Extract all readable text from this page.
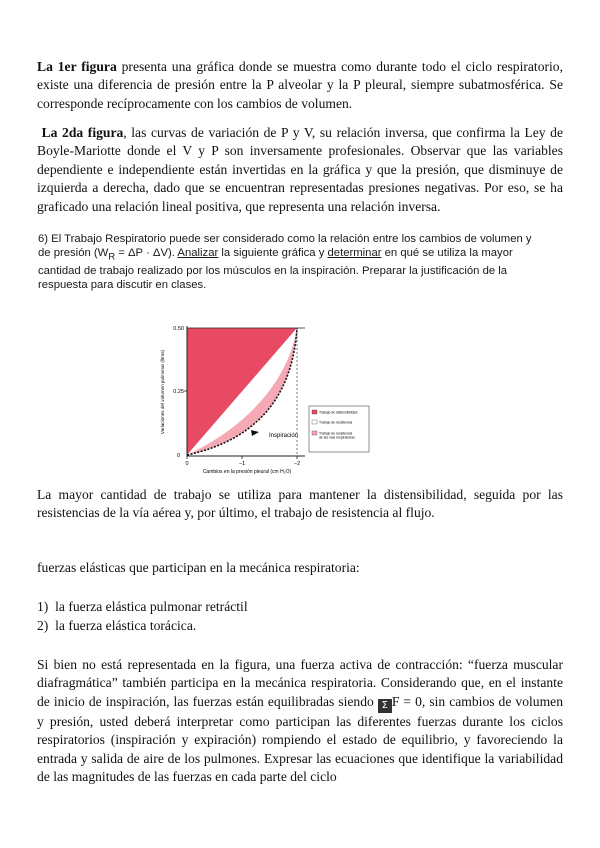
La 1er figura presenta una gráfica donde se muestra como durante todo el ciclo respiratorio, existe una diferencia de presión entre la P alveolar y la P pleural, siempre subatmosférica. Se corresponde recíprocamente con los cambios de volumen.
La 2da figura, las curvas de variación de P y V, su relación inversa, que confirma la Ley de Boyle-Mariotte donde el V y P son inversamente profesionales. Observar que las variables dependiente e independiente están invertidas en la gráfica y que la presión, que disminuye de izquierda a derecha, dado que se encuentran representadas presiones negativas. Por eso, se ha graficado una relación lineal positiva, que representa una relación inversa.
6) El Trabajo Respiratorio puede ser considerado como la relación entre los cambios de volumen y de presión $(W_R = \Delta P \cdot \Delta V)$. Analizar la siguiente gráfica y determinar en qué se utiliza la mayor cantidad de trabajo realizado por los músculos en la inspiración. Preparar la justificación de la respuesta para discutir en clases.
0
0.25
0.50
0	−1	−2
Cambios en la presión pleural (cm H₂O)
Variaciones del volumen pulmonar (litros)
Inspiración
Trabajo de distensibilidad
Trabajo de resistencia
Trabajo de resistencia de las vías respiratorias
La mayor cantidad de trabajo se utiliza para mantener la distensibilidad, seguida por las resistencias de la vía aérea y, por último, el trabajo de resistencia al flujo.
fuerzas elásticas que participan en la mecánica respiratoria:
1) la fuerza elástica pulmonar retráctil
2) la fuerza elástica torácica.
Si bien no está representada en la figura, una fuerza activa de contracción: “fuerza muscular diafragmática” también participa en la mecánica respiratoria. Considerando que, en el instante de inicio de inspiración, las fuerzas están equilibradas siendo Σ F = 0, sin cambios de volumen y presión, usted deberá interpretar como participan las diferentes fuerzas durante los ciclos respiratorios (inspiración y expiración) rompiendo el estado de equilibrio, y favoreciendo la entrada y salida de aire de los pulmones. Expresar las ecuaciones que identifique la variabilidad de las magnitudes de las fuerzas en cada parte del ciclo
